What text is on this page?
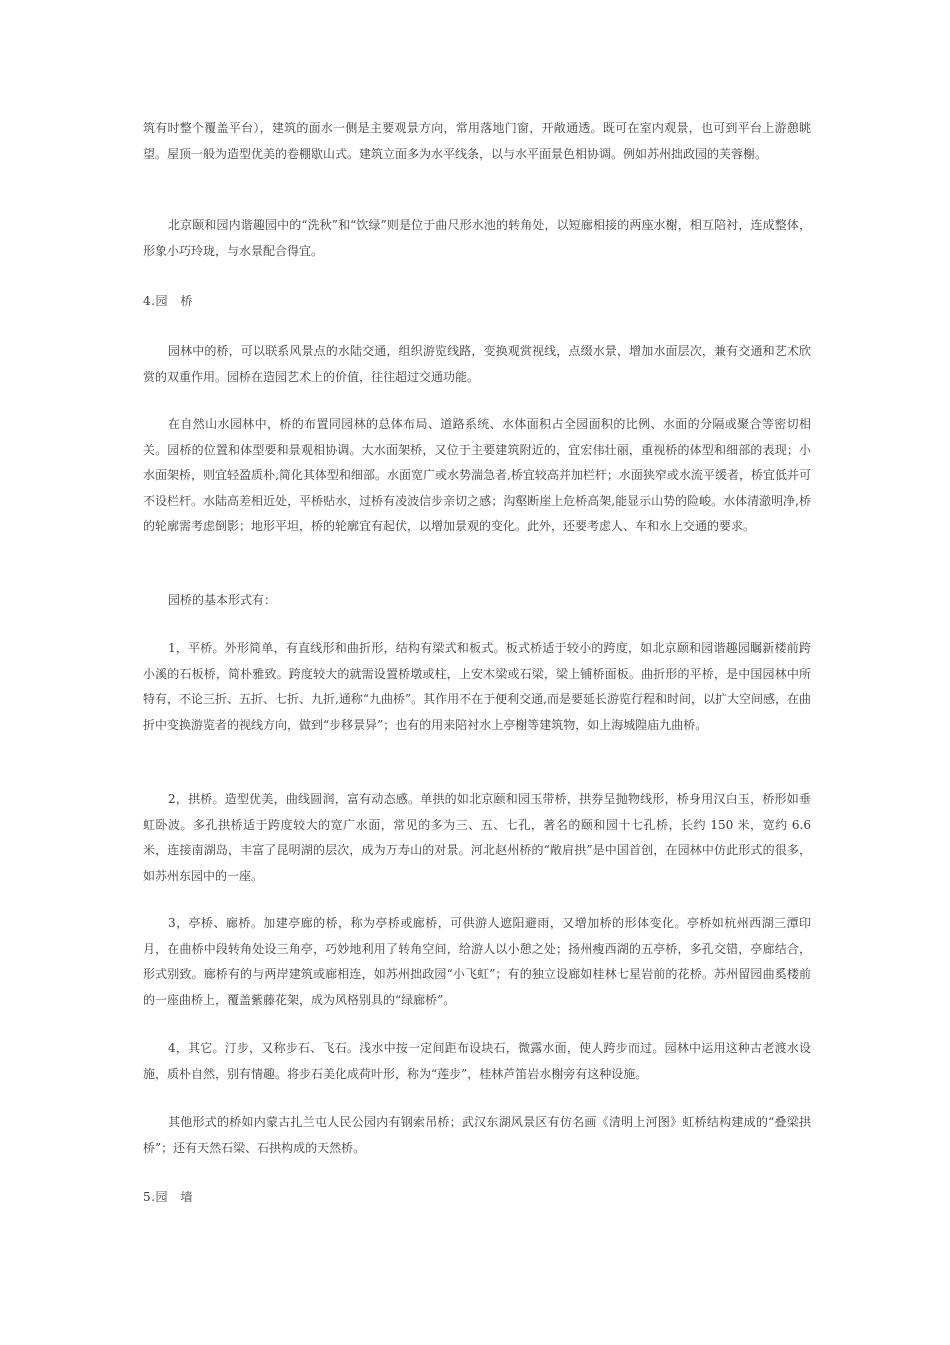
筑有时整个覆盖平台），建筑的面水一侧是主要观景方向，常用落地门窗，开敞通透。既可在室内观景，也可到平台上游憩眺望。屋顶一般为造型优美的卷棚歇山式。建筑立面多为水平线条，以与水平面景色相协调。例如苏州拙政园的芙蓉榭。

北京颐和园内谐趣园中的“洗秋”和“饮绿”则是位于曲尺形水池的转角处，以短廊相接的两座水榭，相互陪衬，连成整体，形象小巧玲珑，与水景配合得宜。

4.园　桥

园林中的桥，可以联系风景点的水陆交通，组织游览线路，变换观赏视线，点缀水景，增加水面层次，兼有交通和艺术欣赏的双重作用。园桥在造园艺术上的价值，往往超过交通功能。

在自然山水园林中，桥的布置同园林的总体布局、道路系统、水体面积占全园面积的比例、水面的分隔或聚合等密切相关。园桥的位置和体型要和景观相协调。大水面架桥，又位于主要建筑附近的，宜宏伟壮丽，重视桥的体型和细部的表现；小水面架桥，则宜轻盈质朴,简化其体型和细部。水面宽广或水势湍急者,桥宜较高并加栏杆；水面狭窄或水流平缓者，桥宜低并可不设栏杆。水陆高差相近处，平桥贴水，过桥有凌波信步亲切之感；沟壑断崖上危桥高架,能显示山势的险峻。水体清澈明净,桥的轮廓需考虑倒影；地形平坦，桥的轮廓宜有起伏，以增加景观的变化。此外，还要考虑人、车和水上交通的要求。

园桥的基本形式有：

1，平桥。外形简单，有直线形和曲折形，结构有梁式和板式。板式桥适于较小的跨度，如北京颐和园谐趣园瞩新楼前跨小溪的石板桥，简朴雅致。跨度较大的就需设置桥墩或柱，上安木梁或石梁，梁上铺桥面板。曲折形的平桥，是中国园林中所特有，不论三折、五折、七折、九折,通称“九曲桥”。其作用不在于便利交通,而是要延长游览行程和时间，以扩大空间感，在曲折中变换游览者的视线方向，做到“步移景异”；也有的用来陪衬水上亭榭等建筑物，如上海城隍庙九曲桥。

2，拱桥。造型优美，曲线圆润，富有动态感。单拱的如北京颐和园玉带桥，拱券呈抛物线形，桥身用汉白玉，桥形如垂虹卧波。多孔拱桥适于跨度较大的宽广水面，常见的多为三、五、七孔，著名的颐和园十七孔桥，长约 150 米，宽约 6.6 米，连接南湖岛，丰富了昆明湖的层次，成为万寿山的对景。河北赵州桥的“敞肩拱”是中国首创，在园林中仿此形式的很多，如苏州东园中的一座。

3，亭桥、廊桥。加建亭廊的桥，称为亭桥或廊桥，可供游人遮阳避雨，又增加桥的形体变化。亭桥如杭州西湖三潭印月，在曲桥中段转角处设三角亭，巧妙地利用了转角空间，给游人以小憩之处；扬州瘦西湖的五亭桥，多孔交错，亭廊结合，形式别致。廊桥有的与两岸建筑或廊相连，如苏州拙政园“小飞虹”；有的独立设廊如桂林七星岩前的花桥。苏州留园曲奚楼前的一座曲桥上，覆盖紫藤花架，成为风格别具的“绿廊桥”。

4，其它。汀步，又称步石、飞石。浅水中按一定间距布设块石，微露水面，使人跨步而过。园林中运用这种古老渡水设施，质朴自然，别有情趣。将步石美化成荷叶形，称为“莲步”，桂林芦笛岩水榭旁有这种设施。

其他形式的桥如内蒙古扎兰屯人民公园内有钢索吊桥；武汉东湖风景区有仿名画《清明上河图》虹桥结构建成的“叠梁拱桥”；还有天然石梁、石拱构成的天然桥。

5.园　墙
